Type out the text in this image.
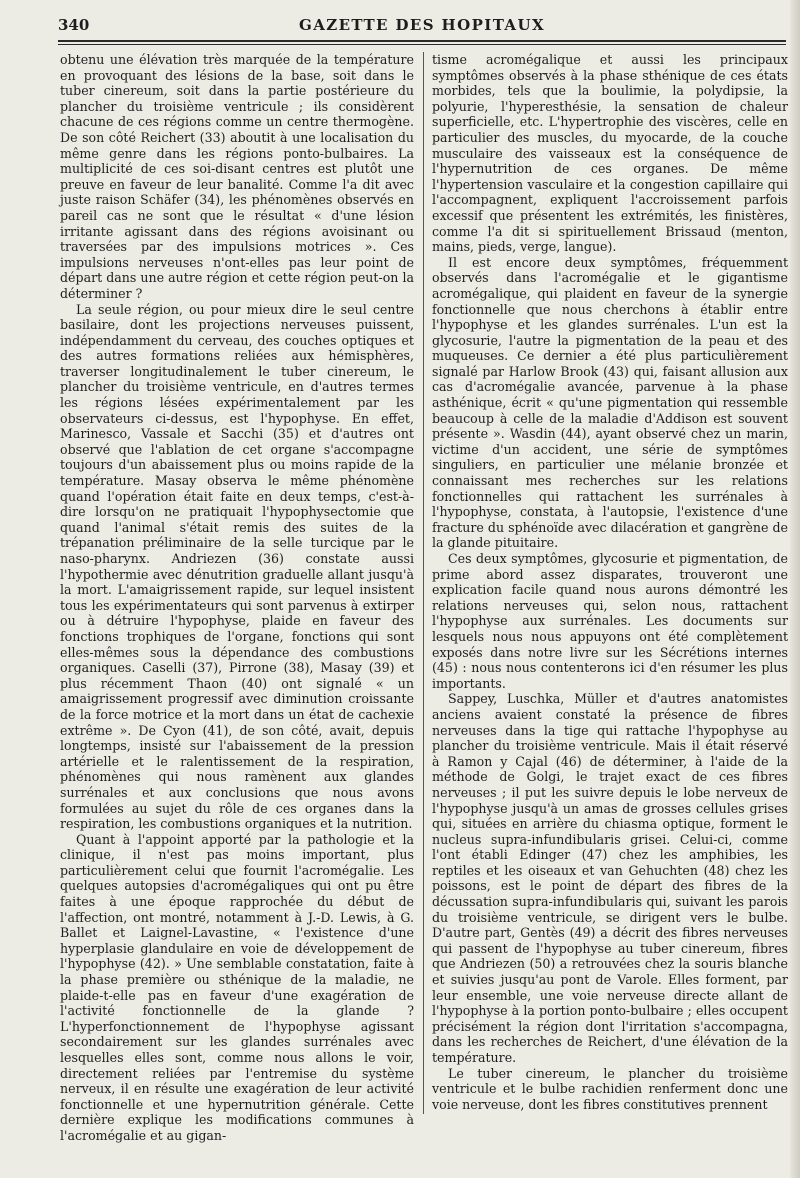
340	GAZETTE DES HOPITAUX

obtenu une élévation très marquée de la température en provoquant des lésions de la base, soit dans le tuber cinereum, soit dans la partie postérieure du plancher du troisième ventricule ; ils considèrent chacune de ces régions comme un centre thermogène. De son côté Reichert (33) aboutit à une localisation du même genre dans les régions ponto-bulbaires. La multiplicité de ces soi-disant centres est plutôt une preuve en faveur de leur banalité. Comme l'a dit avec juste raison Schäfer (34), les phénomènes observés en pareil cas ne sont que le résultat « d'une lésion irritante agissant dans des régions avoisinant ou traversées par des impulsions motrices ». Ces impulsions nerveuses n'ont-elles pas leur point de départ dans une autre région et cette région peut-on la déterminer ?

La seule région, ou pour mieux dire le seul centre basilaire, dont les projections nerveuses puissent, indépendamment du cerveau, des couches optiques et des autres formations reliées aux hémisphères, traverser longitudinalement le tuber cinereum, le plancher du troisième ventricule, en d'autres termes les régions lésées expérimentalement par les observateurs ci-dessus, est l'hypophyse. En effet, Marinesco, Vassale et Sacchi (35) et d'autres ont observé que l'ablation de cet organe s'accompagne toujours d'un abaissement plus ou moins rapide de la température. Masay observa le même phénomène quand l'opération était faite en deux temps, c'est-à-dire lorsqu'on ne pratiquait l'hypophysectomie que quand l'animal s'était remis des suites de la trépanation préliminaire de la selle turcique par le naso-pharynx. Andriezen (36) constate aussi l'hypothermie avec dénutrition graduelle allant jusqu'à la mort. L'amaigrissement rapide, sur lequel insistent tous les expérimentateurs qui sont parvenus à extirper ou à détruire l'hypophyse, plaide en faveur des fonctions trophiques de l'organe, fonctions qui sont elles-mêmes sous la dépendance des combustions organiques. Caselli (37), Pirrone (38), Masay (39) et plus récemment Thaon (40) ont signalé « un amaigrissement progressif avec diminution croissante de la force motrice et la mort dans un état de cachexie extrême ». De Cyon (41), de son côté, avait, depuis longtemps, insisté sur l'abaissement de la pression artérielle et le ralentissement de la respiration, phénomènes qui nous ramènent aux glandes surrénales et aux conclusions que nous avons formulées au sujet du rôle de ces organes dans la respiration, les combustions organiques et la nutrition.

Quant à l'appoint apporté par la pathologie et la clinique, il n'est pas moins important, plus particulièrement celui que fournit l'acromégalie. Les quelques autopsies d'acromégaliques qui ont pu être faites à une époque rapprochée du début de l'affection, ont montré, notamment à J.-D. Lewis, à G. Ballet et Laignel-Lavastine, « l'existence d'une hyperplasie glandulaire en voie de développement de l'hypophyse (42). » Une semblable constatation, faite à la phase première ou sthénique de la maladie, ne plaide-t-elle pas en faveur d'une exagération de l'activité fonctionnelle de la glande ? L'hyperfonctionnement de l'hypophyse agissant secondairement sur les glandes surrénales avec lesquelles elles sont, comme nous allons le voir, directement reliées par l'entremise du système nerveux, il en résulte une exagération de leur activité fonctionnelle et une hypernutrition générale. Cette dernière explique les modifications communes à l'acromégalie et au gigan-

tisme acromégalique et aussi les principaux symptômes observés à la phase sthénique de ces états morbides, tels que la boulimie, la polydipsie, la polyurie, l'hyperesthésie, la sensation de chaleur superficielle, etc. L'hypertrophie des viscères, celle en particulier des muscles, du myocarde, de la couche musculaire des vaisseaux est la conséquence de l'hypernutrition de ces organes. De même l'hypertension vasculaire et la congestion capillaire qui l'accompagnent, expliquent l'accroissement parfois excessif que présentent les extrémités, les finistères, comme l'a dit si spirituellement Brissaud (menton, mains, pieds, verge, langue).

Il est encore deux symptômes, fréquemment observés dans l'acromégalie et le gigantisme acromégalique, qui plaident en faveur de la synergie fonctionnelle que nous cherchons à établir entre l'hypophyse et les glandes surrénales. L'un est la glycosurie, l'autre la pigmentation de la peau et des muqueuses. Ce dernier a été plus particulièrement signalé par Harlow Brook (43) qui, faisant allusion aux cas d'acromégalie avancée, parvenue à la phase asthénique, écrit « qu'une pigmentation qui ressemble beaucoup à celle de la maladie d'Addison est souvent présente ». Wasdin (44), ayant observé chez un marin, victime d'un accident, une série de symptômes singuliers, en particulier une mélanie bronzée et connaissant mes recherches sur les relations fonctionnelles qui rattachent les surrénales à l'hypophyse, constata, à l'autopsie, l'existence d'une fracture du sphénoïde avec dilacération et gangrène de la glande pituitaire.

Ces deux symptômes, glycosurie et pigmentation, de prime abord assez disparates, trouveront une explication facile quand nous aurons démontré les relations nerveuses qui, selon nous, rattachent l'hypophyse aux surrénales. Les documents sur lesquels nous nous appuyons ont été complètement exposés dans notre livre sur les Sécrétions internes (45) : nous nous contenterons ici d'en résumer les plus importants.

Sappey, Luschka, Müller et d'autres anatomistes anciens avaient constaté la présence de fibres nerveuses dans la tige qui rattache l'hypophyse au plancher du troisième ventricule. Mais il était réservé à Ramon y Cajal (46) de déterminer, à l'aide de la méthode de Golgi, le trajet exact de ces fibres nerveuses ; il put les suivre depuis le lobe nerveux de l'hypophyse jusqu'à un amas de grosses cellules grises qui, situées en arrière du chiasma optique, forment le nucleus supra-infundibularis grisei. Celui-ci, comme l'ont établi Edinger (47) chez les amphibies, les reptiles et les oiseaux et van Gehuchten (48) chez les poissons, est le point de départ des fibres de la décussation supra-infundibularis qui, suivant les parois du troisième ventricule, se dirigent vers le bulbe. D'autre part, Gentès (49) a décrit des fibres nerveuses qui passent de l'hypophyse au tuber cinereum, fibres que Andriezen (50) a retrouvées chez la souris blanche et suivies jusqu'au pont de Varole. Elles forment, par leur ensemble, une voie nerveuse directe allant de l'hypophyse à la portion ponto-bulbaire ; elles occupent précisément la région dont l'irritation s'accompagna, dans les recherches de Reichert, d'une élévation de la température.

Le tuber cinereum, le plancher du troisième ventricule et le bulbe rachidien renferment donc une voie nerveuse, dont les fibres constitutives prennent
